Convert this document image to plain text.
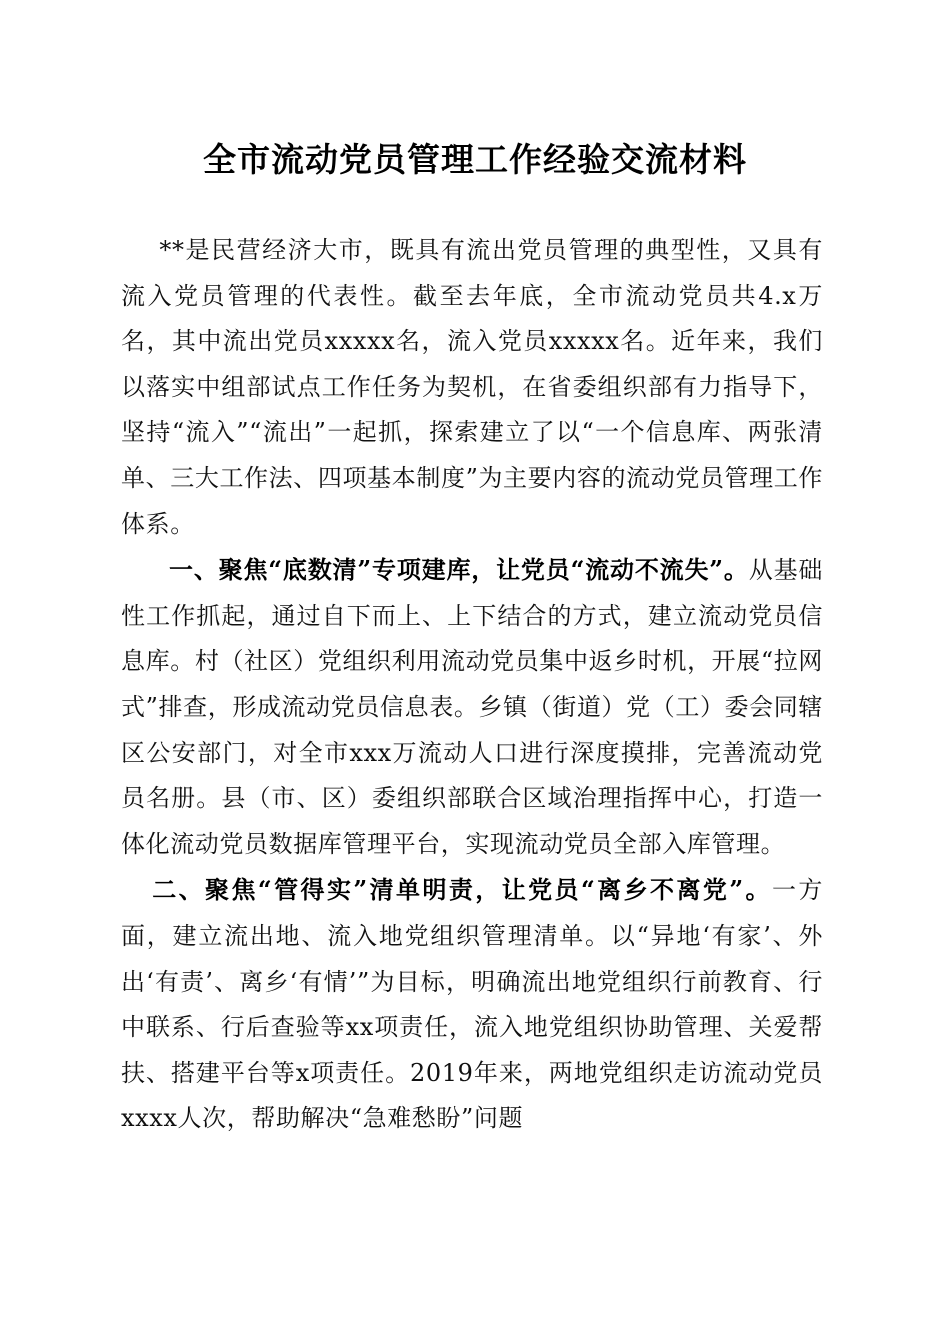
全市流动党员管理工作经验交流材料

**是民营经济大市，既具有流出党员管理的典型性，又具有流入党员管理的代表性。截至去年底，全市流动党员共4.x万名，其中流出党员xxxxx名，流入党员xxxxx名。近年来，我们以落实中组部试点工作任务为契机，在省委组织部有力指导下，坚持“流入”“流出”一起抓，探索建立了以“一个信息库、两张清单、三大工作法、四项基本制度”为主要内容的流动党员管理工作体系。

一、聚焦“底数清”专项建库，让党员“流动不流失”。从基础性工作抓起，通过自下而上、上下结合的方式，建立流动党员信息库。村（社区）党组织利用流动党员集中返乡时机，开展“拉网式”排查，形成流动党员信息表。乡镇（街道）党（工）委会同辖区公安部门，对全市xxx万流动人口进行深度摸排，完善流动党员名册。县（市、区）委组织部联合区域治理指挥中心，打造一体化流动党员数据库管理平台，实现流动党员全部入库管理。

二、聚焦“管得实”清单明责，让党员“离乡不离党”。一方面，建立流出地、流入地党组织管理清单。以“异地‘有家’、外出‘有责’、离乡‘有情’”为目标，明确流出地党组织行前教育、行中联系、行后查验等xx项责任，流入地党组织协助管理、关爱帮扶、搭建平台等x项责任。2019年来，两地党组织走访流动党员xxxx人次，帮助解决“急难愁盼”问题
